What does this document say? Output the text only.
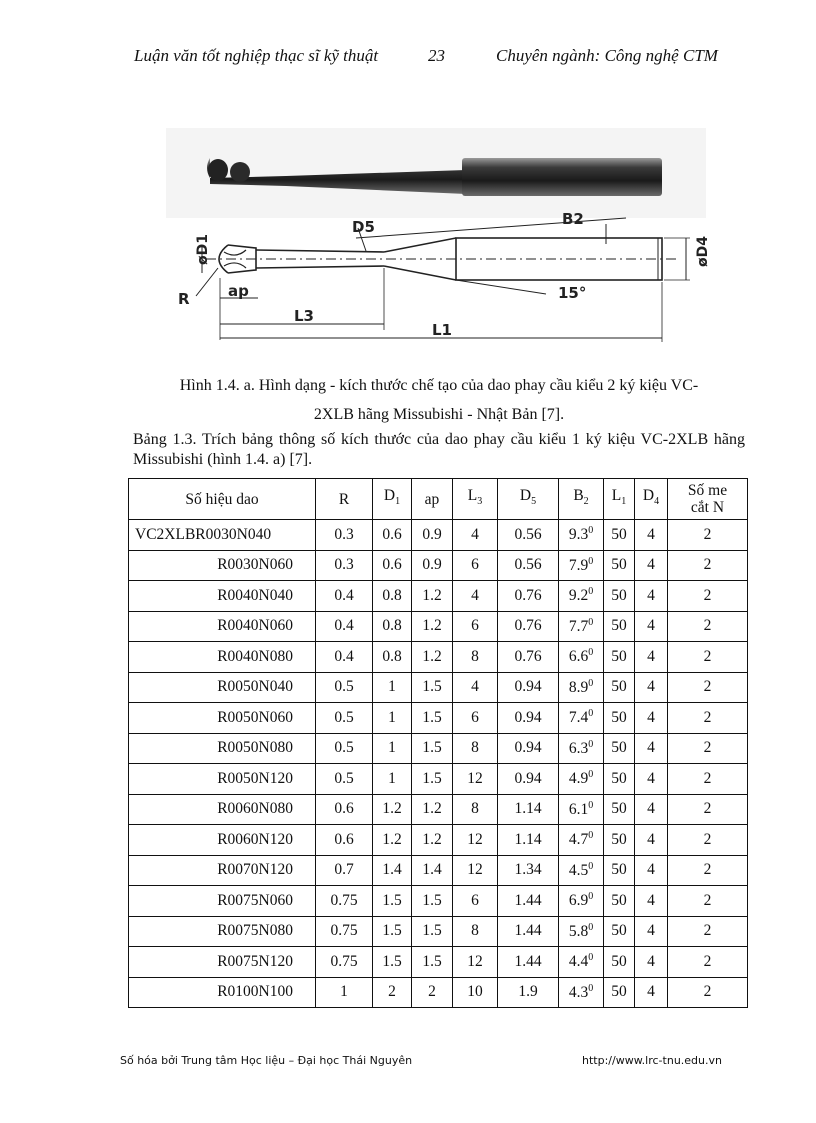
Luận văn tốt nghiệp thạc sĩ kỹ thuật	23	Chuyên ngành: Công nghệ CTM
D5	B2
øD1	øD4
R	ap
L3
L1
15°
Hình 1.4. a. Hình dạng - kích thước chế tạo của dao phay cầu kiểu 2 ký kiệu VC-
2XLB hãng Missubishi - Nhật Bản [7].
Bảng 1.3. Trích bảng thông số kích thước của dao phay cầu kiểu 1 ký kiệu VC-2XLB hãng Missubishi (hình 1.4. a) [7].
Số hiệu dao	R	$D_1$	ap	$L_3$	$D_5$	$B_2$	$L_1$	$D_4$	Số me
cắt N
VC2XLBR0030N040	0.3	0.6	0.9	4	0.56	$9.3^0$	50	4	2
R0030N060	0.3	0.6	0.9	6	0.56	$7.9^0$	50	4	2
R0040N040	0.4	0.8	1.2	4	0.76	$9.2^0$	50	4	2
R0040N060	0.4	0.8	1.2	6	0.76	$7.7^0$	50	4	2
R0040N080	0.4	0.8	1.2	8	0.76	$6.6^0$	50	4	2
R0050N040	0.5	1	1.5	4	0.94	$8.9^0$	50	4	2
R0050N060	0.5	1	1.5	6	0.94	$7.4^0$	50	4	2
R0050N080	0.5	1	1.5	8	0.94	$6.3^0$	50	4	2
R0050N120	0.5	1	1.5	12	0.94	$4.9^0$	50	4	2
R0060N080	0.6	1.2	1.2	8	1.14	$6.1^0$	50	4	2
R0060N120	0.6	1.2	1.2	12	1.14	$4.7^0$	50	4	2
R0070N120	0.7	1.4	1.4	12	1.34	$4.5^0$	50	4	2
R0075N060	0.75	1.5	1.5	6	1.44	$6.9^0$	50	4	2
R0075N080	0.75	1.5	1.5	8	1.44	$5.8^0$	50	4	2
R0075N120	0.75	1.5	1.5	12	1.44	$4.4^0$	50	4	2
R0100N100	1	2	2	10	1.9	$4.3^0$	50	4	2
Số hóa bởi Trung tâm Học liệu – Đại học Thái Nguyên	http://www.lrc-tnu.edu.vn
